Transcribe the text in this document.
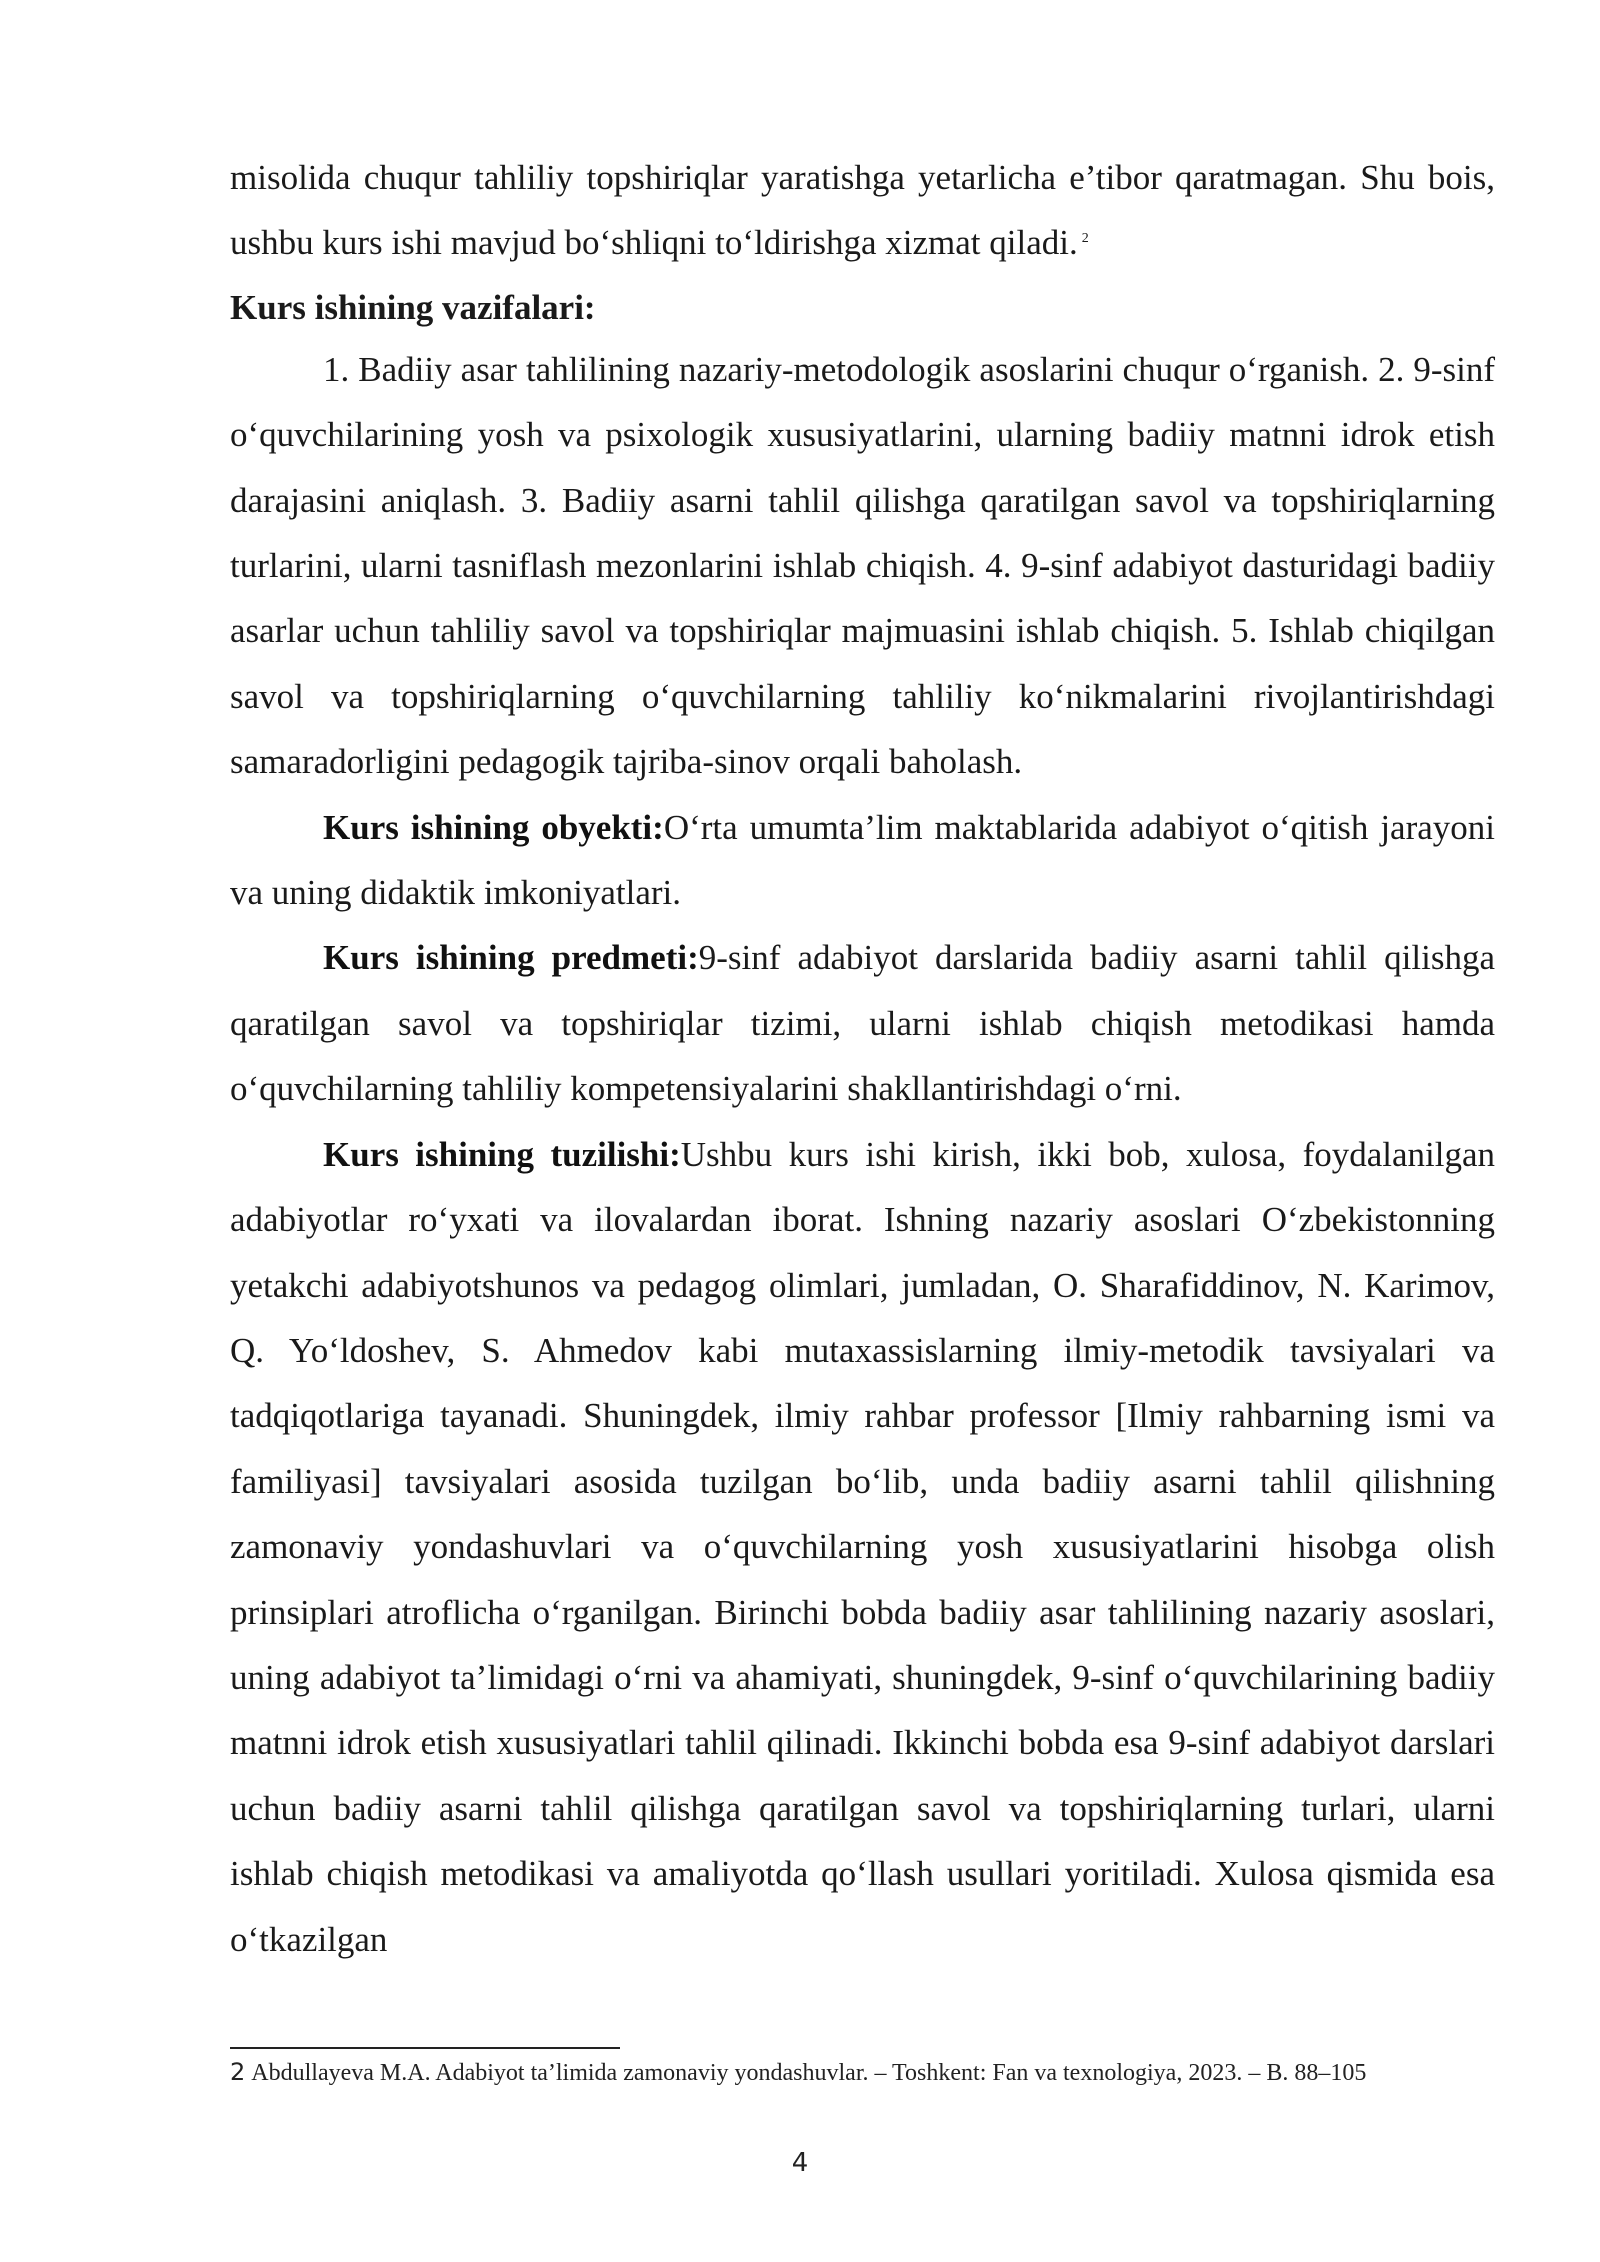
misolida chuqur tahliliy topshiriqlar yaratishga yetarlicha e’tibor qaratmagan. Shu bois, ushbu kurs ishi mavjud bo‘shliqni to‘ldirishga xizmat qiladi. $^2$

Kurs ishining vazifalari:

1. Badiiy asar tahlilining nazariy-metodologik asoslarini chuqur o‘rganish. 2. 9-sinf o‘quvchilarining yosh va psixologik xususiyatlarini, ularning badiiy matnni idrok etish darajasini aniqlash. 3. Badiiy asarni tahlil qilishga qaratilgan savol va topshiriqlarning turlarini, ularni tasniflash mezonlarini ishlab chiqish. 4. 9-sinf adabiyot dasturidagi badiiy asarlar uchun tahliliy savol va topshiriqlar majmuasini ishlab chiqish. 5. Ishlab chiqilgan savol va topshiriqlarning o‘quvchilarning tahliliy ko‘nikmalarini rivojlantirishdagi samaradorligini pedagogik tajriba-sinov orqali baholash.

Kurs ishining obyekti:O‘rta umumta’lim maktablarida adabiyot o‘qitish jarayoni va uning didaktik imkoniyatlari.

Kurs ishining predmeti:9-sinf adabiyot darslarida badiiy asarni tahlil qilishga qaratilgan savol va topshiriqlar tizimi, ularni ishlab chiqish metodikasi hamda o‘quvchilarning tahliliy kompetensiyalarini shakllantirishdagi o‘rni.

Kurs ishining tuzilishi:Ushbu kurs ishi kirish, ikki bob, xulosa, foydalanilgan adabiyotlar ro‘yxati va ilovalardan iborat. Ishning nazariy asoslari O‘zbekistonning yetakchi adabiyotshunos va pedagog olimlari, jumladan, O. Sharafiddinov, N. Karimov, Q. Yo‘ldoshev, S. Ahmedov kabi mutaxassislarning ilmiy-metodik tavsiyalari va tadqiqotlariga tayanadi. Shuningdek, ilmiy rahbar professor [Ilmiy rahbarning ismi va familiyasi] tavsiyalari asosida tuzilgan bo‘lib, unda badiiy asarni tahlil qilishning zamonaviy yondashuvlari va o‘quvchilarning yosh xususiyatlarini hisobga olish prinsiplari atroflicha o‘rganilgan. Birinchi bobda badiiy asar tahlilining nazariy asoslari, uning adabiyot ta’limidagi o‘rni va ahamiyati, shuningdek, 9-sinf o‘quvchilarining badiiy matnni idrok etish xususiyatlari tahlil qilinadi. Ikkinchi bobda esa 9-sinf adabiyot darslari uchun badiiy asarni tahlil qilishga qaratilgan savol va topshiriqlarning turlari, ularni ishlab chiqish metodikasi va amaliyotda qo‘llash usullari yoritiladi. Xulosa qismida esa o‘tkazilgan

2 Abdullayeva M.A. Adabiyot ta’limida zamonaviy yondashuvlar. – Toshkent: Fan va texnologiya, 2023. – B. 88–105
4
